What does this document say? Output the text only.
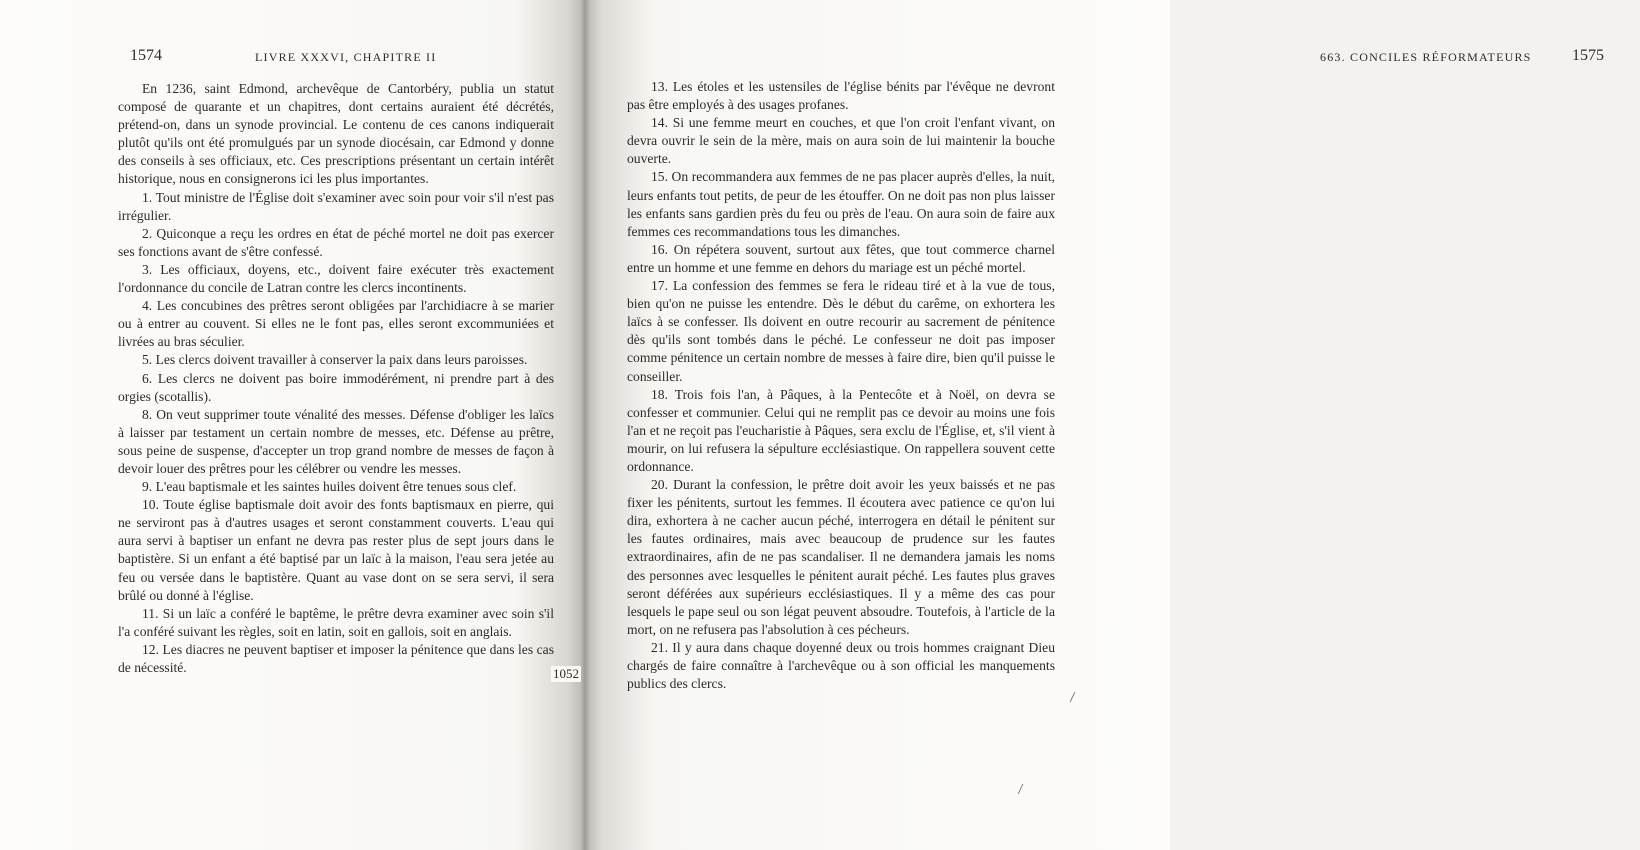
1574	LIVRE XXXVI, CHAPITRE II	663. CONCILES RÉFORMATEURS	1575

En 1236, saint Edmond, archevêque de Cantorbéry, publia un statut composé de quarante et un chapitres, dont certains auraient été décrétés, prétend-on, dans un synode provincial. Le contenu de ces canons indiquerait plutôt qu'ils ont été promulgués par un synode diocésain, car Edmond y donne des conseils à ses officiaux, etc. Ces prescriptions présentant un certain intérêt historique, nous en consignerons ici les plus importantes.

1. Tout ministre de l'Église doit s'examiner avec soin pour voir s'il n'est pas irrégulier.

2. Quiconque a reçu les ordres en état de péché mortel ne doit pas exercer ses fonctions avant de s'être confessé.

3. Les officiaux, doyens, etc., doivent faire exécuter très exactement l'ordonnance du concile de Latran contre les clercs incontinents.

4. Les concubines des prêtres seront obligées par l'archidiacre à se marier ou à entrer au couvent. Si elles ne le font pas, elles seront excommuniées et livrées au bras séculier.

5. Les clercs doivent travailler à conserver la paix dans leurs paroisses.

6. Les clercs ne doivent pas boire immodérément, ni prendre part à des orgies (scotallis).

8. On veut supprimer toute vénalité des messes. Défense d'obliger les laïcs à laisser par testament un certain nombre de messes, etc. Défense au prêtre, sous peine de suspense, d'accepter un trop grand nombre de messes de façon à devoir louer des prêtres pour les célébrer ou vendre les messes.

9. L'eau baptismale et les saintes huiles doivent être tenues sous clef.

10. Toute église baptismale doit avoir des fonts baptismaux en pierre, qui ne serviront pas à d'autres usages et seront constamment couverts. L'eau qui aura servi à baptiser un enfant ne devra pas rester plus de sept jours dans le baptistère. Si un enfant a été baptisé par un laïc à la maison, l'eau sera jetée au feu ou versée dans le baptistère. Quant au vase dont on se sera servi, il sera brûlé ou donné à l'église.

11. Si un laïc a conféré le baptême, le prêtre devra examiner avec soin s'il l'a conféré suivant les règles, soit en latin, soit en gallois, soit en anglais.

12. Les diacres ne peuvent baptiser et imposer la pénitence que dans les cas de nécessité.

13. Les étoles et les ustensiles de l'église bénits par l'évêque ne devront pas être employés à des usages profanes.

14. Si une femme meurt en couches, et que l'on croit l'enfant vivant, on devra ouvrir le sein de la mère, mais on aura soin de lui maintenir la bouche ouverte.

15. On recommandera aux femmes de ne pas placer auprès d'elles, la nuit, leurs enfants tout petits, de peur de les étouffer. On ne doit pas non plus laisser les enfants sans gardien près du feu ou près de l'eau. On aura soin de faire aux femmes ces recommandations tous les dimanches.

16. On répétera souvent, surtout aux fêtes, que tout commerce charnel entre un homme et une femme en dehors du mariage est un péché mortel.

17. La confession des femmes se fera le rideau tiré et à la vue de tous, bien qu'on ne puisse les entendre. Dès le début du carême, on exhortera les laïcs à se confesser. Ils doivent en outre recourir au sacrement de pénitence dès qu'ils sont tombés dans le péché. Le confesseur ne doit pas imposer comme pénitence un certain nombre de messes à faire dire, bien qu'il puisse le conseiller.

18. Trois fois l'an, à Pâques, à la Pentecôte et à Noël, on devra se confesser et communier. Celui qui ne remplit pas ce devoir au moins une fois l'an et ne reçoit pas l'eucharistie à Pâques, sera exclu de l'Église, et, s'il vient à mourir, on lui refusera la sépulture ecclésiastique. On rappellera souvent cette ordonnance.

20. Durant la confession, le prêtre doit avoir les yeux baissés et ne pas fixer les pénitents, surtout les femmes. Il écoutera avec patience ce qu'on lui dira, exhortera à ne cacher aucun péché, interrogera en détail le pénitent sur les fautes ordinaires, mais avec beaucoup de prudence sur les fautes extraordinaires, afin de ne pas scandaliser. Il ne demandera jamais les noms des personnes avec lesquelles le pénitent aurait péché. Les fautes plus graves seront déférées aux supérieurs ecclésiastiques. Il y a même des cas pour lesquels le pape seul ou son légat peuvent absoudre. Toutefois, à l'article de la mort, on ne refusera pas l'absolution à ces pécheurs.

21. Il y aura dans chaque doyenné deux ou trois hommes craignant Dieu chargés de faire connaître à l'archevêque ou à son official les manquements publics des clercs.

1052
